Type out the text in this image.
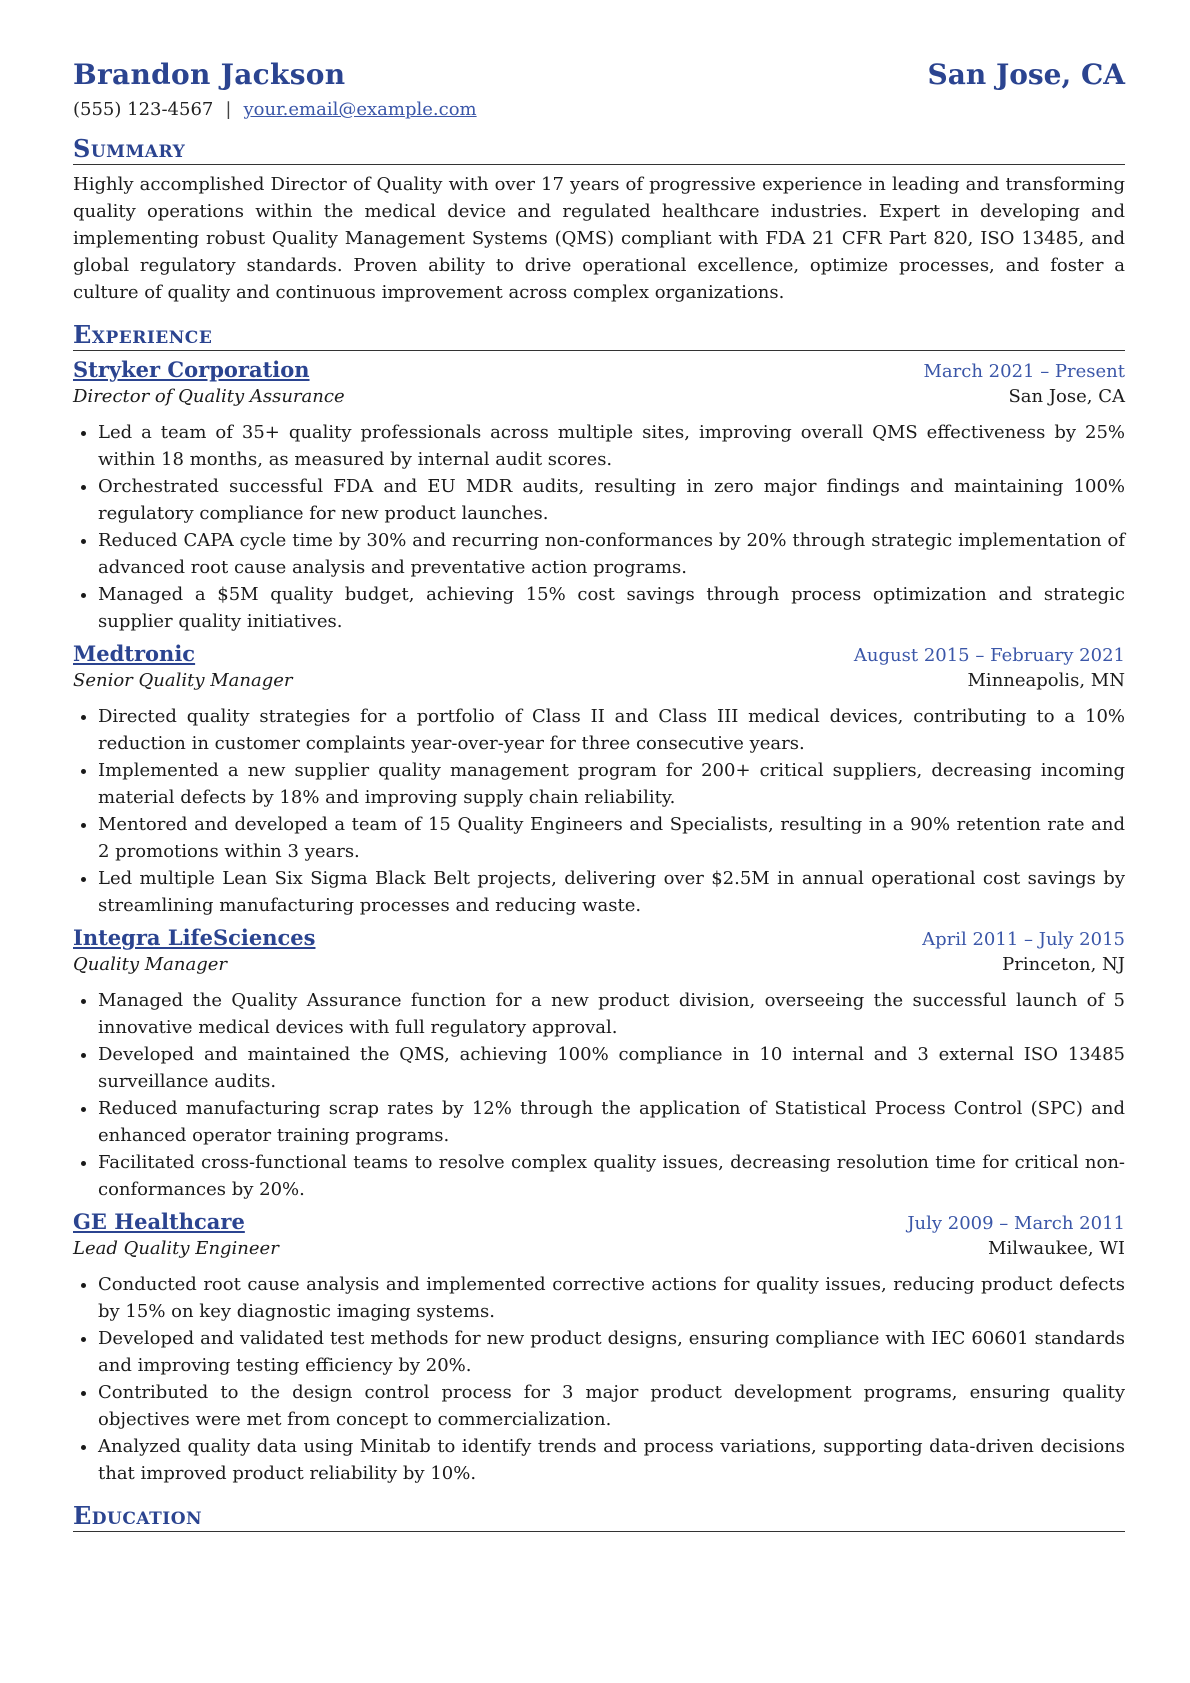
Brandon Jackson	San Jose, CA
(555) 123-4567 | your.email@example.com
Summary
Highly accomplished Director of Quality with over 17 years of progressive experience in leading and transforming quality operations within the medical device and regulated healthcare industries. Expert in developing and implementing robust Quality Management Systems (QMS) compliant with FDA 21 CFR Part 820, ISO 13485, and global regulatory standards. Proven ability to drive operational excellence, optimize processes, and foster a culture of quality and continuous improvement across complex organizations.
Experience
Stryker Corporation	March 2021 – Present
Director of Quality Assurance	San Jose, CA
• Led a team of 35+ quality professionals across multiple sites, improving overall QMS effectiveness by 25% within 18 months, as measured by internal audit scores.
• Orchestrated successful FDA and EU MDR audits, resulting in zero major findings and maintaining 100% regulatory compliance for new product launches.
• Reduced CAPA cycle time by 30% and recurring non-conformances by 20% through strategic implementation of advanced root cause analysis and preventative action programs.
• Managed a $5M quality budget, achieving 15% cost savings through process optimization and strategic supplier quality initiatives.
Medtronic	August 2015 – February 2021
Senior Quality Manager	Minneapolis, MN
• Directed quality strategies for a portfolio of Class II and Class III medical devices, contributing to a 10% reduction in customer complaints year-over-year for three consecutive years.
• Implemented a new supplier quality management program for 200+ critical suppliers, decreasing incoming material defects by 18% and improving supply chain reliability.
• Mentored and developed a team of 15 Quality Engineers and Specialists, resulting in a 90% retention rate and 2 promotions within 3 years.
• Led multiple Lean Six Sigma Black Belt projects, delivering over $2.5M in annual operational cost savings by streamlining manufacturing processes and reducing waste.
Integra LifeSciences	April 2011 – July 2015
Quality Manager	Princeton, NJ
• Managed the Quality Assurance function for a new product division, overseeing the successful launch of 5 innovative medical devices with full regulatory approval.
• Developed and maintained the QMS, achieving 100% compliance in 10 internal and 3 external ISO 13485 surveillance audits.
• Reduced manufacturing scrap rates by 12% through the application of Statistical Process Control (SPC) and enhanced operator training programs.
• Facilitated cross-functional teams to resolve complex quality issues, decreasing resolution time for critical non-conformances by 20%.
GE Healthcare	July 2009 – March 2011
Lead Quality Engineer	Milwaukee, WI
• Conducted root cause analysis and implemented corrective actions for quality issues, reducing product defects by 15% on key diagnostic imaging systems.
• Developed and validated test methods for new product designs, ensuring compliance with IEC 60601 standards and improving testing efficiency by 20%.
• Contributed to the design control process for 3 major product development programs, ensuring quality objectives were met from concept to commercialization.
• Analyzed quality data using Minitab to identify trends and process variations, supporting data-driven decisions that improved product reliability by 10%.
Education
